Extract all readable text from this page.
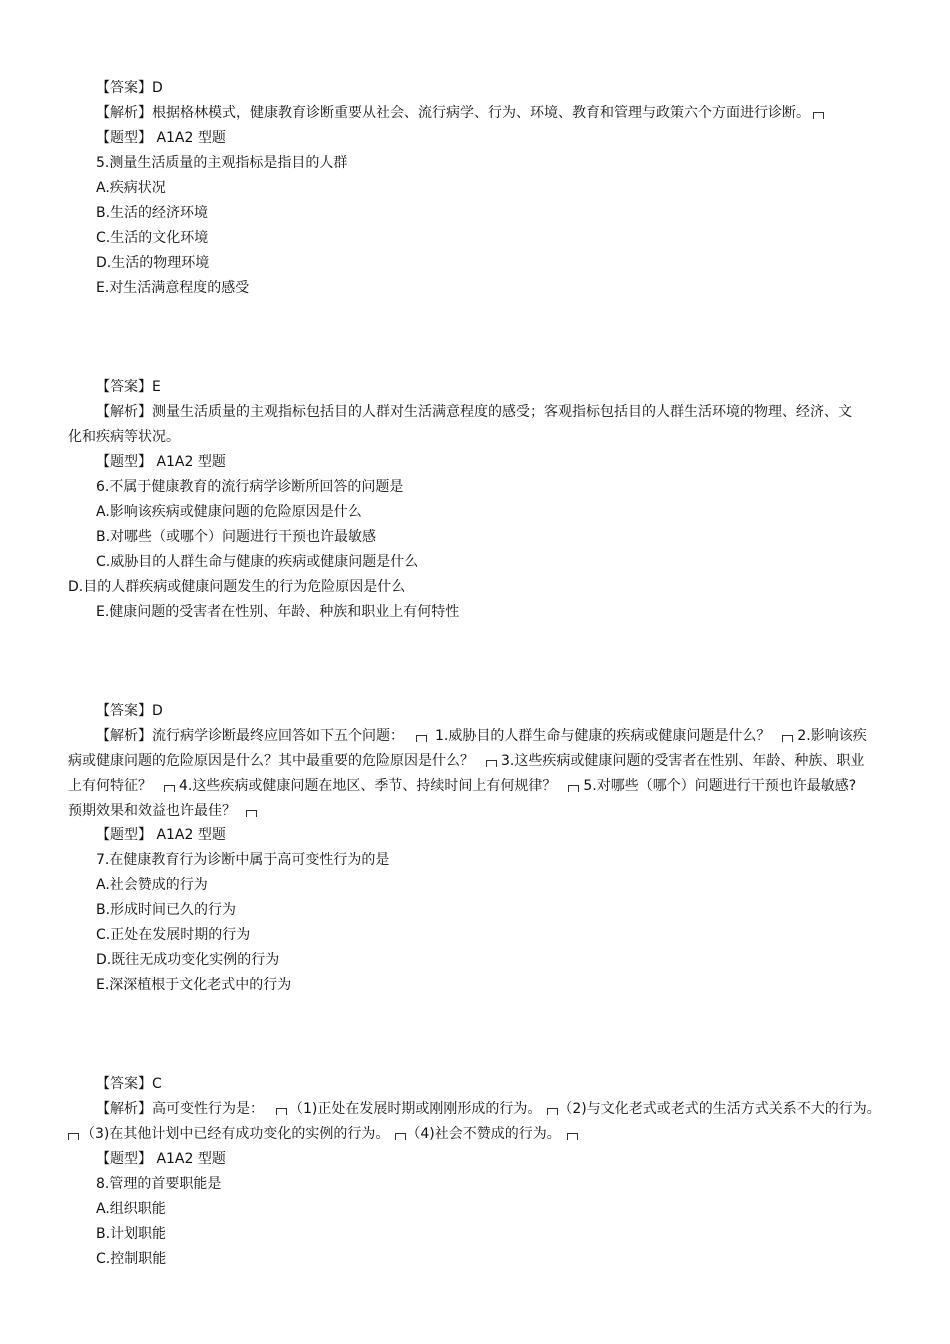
【答案】D
【解析】根据格林模式，健康教育诊断重要从社会、流行病学、行为、环境、教育和管理与政策六个方面进行诊断。
【题型】 A1A2 型题
5.测量生活质量的主观指标是指目的人群
A.疾病状况
B.生活的经济环境
C.生活的文化环境
D.生活的物理环境
E.对生活满意程度的感受
【答案】E
【解析】测量生活质量的主观指标包括目的人群对生活满意程度的感受；客观指标包括目的人群生活环境的物理、经济、文
化和疾病等状况。
【题型】 A1A2 型题
6.不属于健康教育的流行病学诊断所回答的问题是
A.影响该疾病或健康问题的危险原因是什么
B.对哪些（或哪个）问题进行干预也许最敏感
C.威胁目的人群生命与健康的疾病或健康问题是什么
D.目的人群疾病或健康问题发生的行为危险原因是什么
E.健康问题的受害者在性别、年龄、种族和职业上有何特性
【答案】D
【解析】流行病学诊断最终应回答如下五个问题： 1.威胁目的人群生命与健康的疾病或健康问题是什么？ 2.影响该疾
病或健康问题的危险原因是什么？其中最重要的危险原因是什么？ 3.这些疾病或健康问题的受害者在性别、年龄、种族、职业
上有何特征？ 4.这些疾病或健康问题在地区、季节、持续时间上有何规律？ 5.对哪些（哪个）问题进行干预也许最敏感?
预期效果和效益也许最佳？
【题型】 A1A2 型题
7.在健康教育行为诊断中属于高可变性行为的是
A.社会赞成的行为
B.形成时间已久的行为
C.正处在发展时期的行为
D.既往无成功变化实例的行为
E.深深植根于文化老式中的行为
【答案】C
【解析】高可变性行为是： （1)正处在发展时期或刚刚形成的行为。 （2)与文化老式或老式的生活方式关系不大的行为。
（3)在其他计划中已经有成功变化的实例的行为。 （4)社会不赞成的行为。
【题型】 A1A2 型题
8.管理的首要职能是
A.组织职能
B.计划职能
C.控制职能
